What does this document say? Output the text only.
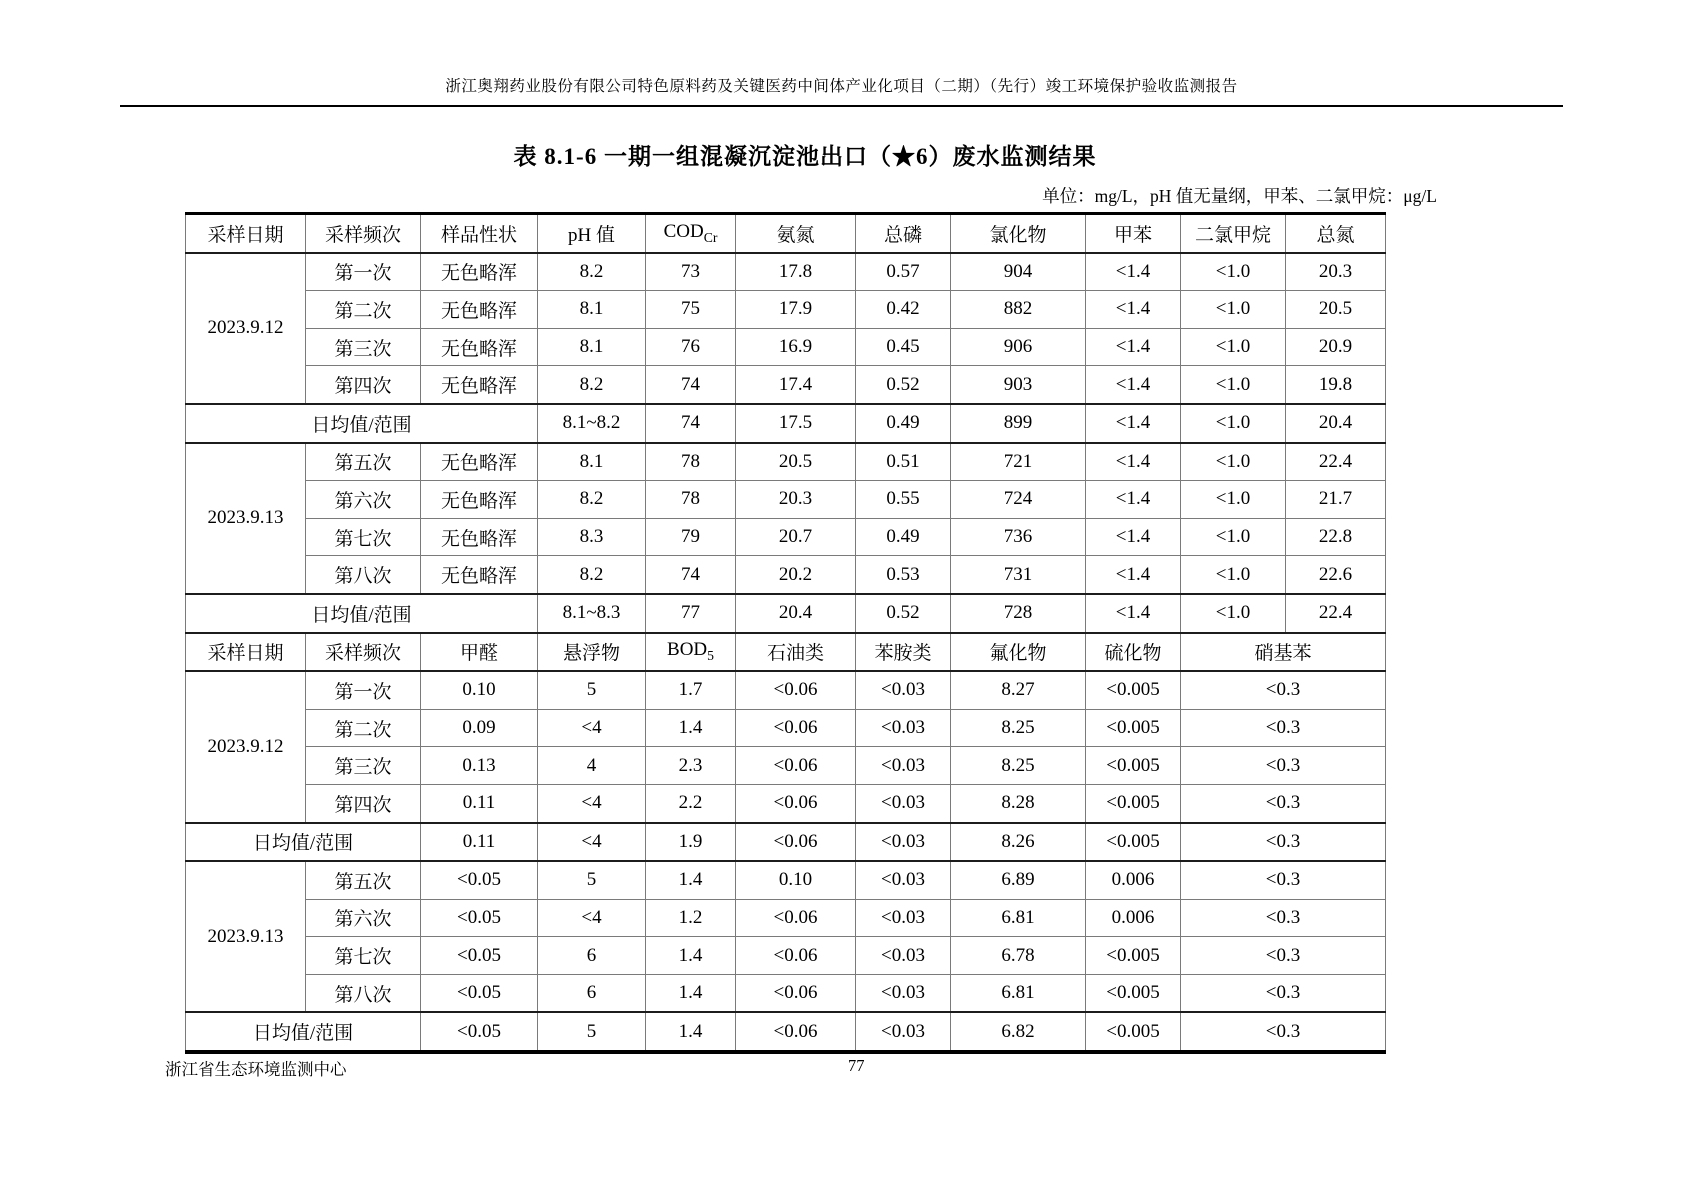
浙江奥翔药业股份有限公司特色原料药及关键医药中间体产业化项目（二期）（先行）竣工环境保护验收监测报告
表 8.1-6 一期一组混凝沉淀池出口（★6）废水监测结果
单位：mg/L，pH 值无量纲，甲苯、二氯甲烷：μg/L
采样日期	采样频次	样品性状	pH 值	$COD_{Cr}$	氨氮	总磷	氯化物	甲苯	二氯甲烷	总氮
2023.9.12	第一次	无色略浑	8.2	73	17.8	0.57	904	<1.4	<1.0	20.3
	第二次	无色略浑	8.1	75	17.9	0.42	882	<1.4	<1.0	20.5
	第三次	无色略浑	8.1	76	16.9	0.45	906	<1.4	<1.0	20.9
	第四次	无色略浑	8.2	74	17.4	0.52	903	<1.4	<1.0	19.8
日均值/范围			8.1~8.2	74	17.5	0.49	899	<1.4	<1.0	20.4
2023.9.13	第五次	无色略浑	8.1	78	20.5	0.51	721	<1.4	<1.0	22.4
	第六次	无色略浑	8.2	78	20.3	0.55	724	<1.4	<1.0	21.7
	第七次	无色略浑	8.3	79	20.7	0.49	736	<1.4	<1.0	22.8
	第八次	无色略浑	8.2	74	20.2	0.53	731	<1.4	<1.0	22.6
日均值/范围			8.1~8.3	77	20.4	0.52	728	<1.4	<1.0	22.4
采样日期	采样频次	甲醛	悬浮物	$BOD_5$	石油类	苯胺类	氟化物	硫化物	硝基苯	
2023.9.12	第一次	0.10	5	1.7	<0.06	<0.03	8.27	<0.005	<0.3	
	第二次	0.09	<4	1.4	<0.06	<0.03	8.25	<0.005	<0.3	
	第三次	0.13	4	2.3	<0.06	<0.03	8.25	<0.005	<0.3	
	第四次	0.11	<4	2.2	<0.06	<0.03	8.28	<0.005	<0.3	
日均值/范围		0.11	<4	1.9	<0.06	<0.03	8.26	<0.005	<0.3	
2023.9.13	第五次	<0.05	5	1.4	0.10	<0.03	6.89	0.006	<0.3	
	第六次	<0.05	<4	1.2	<0.06	<0.03	6.81	0.006	<0.3	
	第七次	<0.05	6	1.4	<0.06	<0.03	6.78	<0.005	<0.3	
	第八次	<0.05	6	1.4	<0.06	<0.03	6.81	<0.005	<0.3	
日均值/范围		<0.05	5	1.4	<0.06	<0.03	6.82	<0.005	<0.3	
浙江省生态环境监测中心	77
